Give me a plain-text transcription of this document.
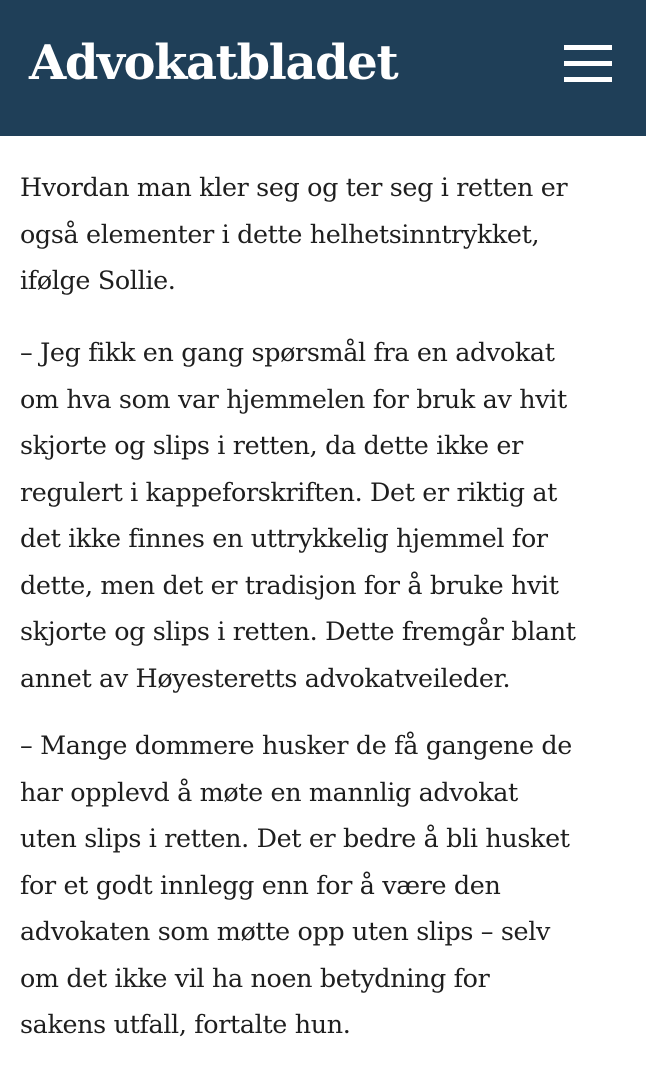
Advokatbladet

Hvordan man kler seg og ter seg i retten er
også elementer i dette helhetsinntrykket,
ifølge Sollie.

– Jeg fikk en gang spørsmål fra en advokat
om hva som var hjemmelen for bruk av hvit
skjorte og slips i retten, da dette ikke er
regulert i kappeforskriften. Det er riktig at
det ikke finnes en uttrykkelig hjemmel for
dette, men det er tradisjon for å bruke hvit
skjorte og slips i retten. Dette fremgår blant
annet av Høyesteretts advokatveileder.

– Mange dommere husker de få gangene de
har opplevd å møte en mannlig advokat
uten slips i retten. Det er bedre å bli husket
for et godt innlegg enn for å være den
advokaten som møtte opp uten slips – selv
om det ikke vil ha noen betydning for
sakens utfall, fortalte hun.
